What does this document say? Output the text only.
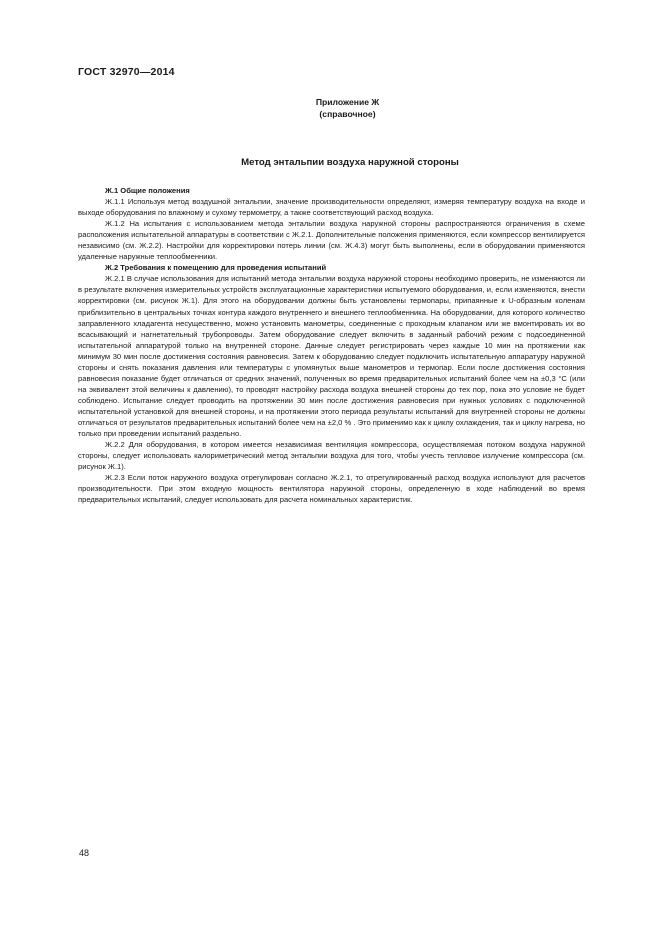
ГОСТ 32970—2014
Приложение Ж
(справочное)
Метод энтальпии воздуха наружной стороны

Ж.1 Общие положения

Ж.1.1 Используя метод воздушной энтальпии, значение производительности определяют, измеряя температуру воздуха на входе и выходе оборудования по влажному и сухому термометру, а также соответствующий расход воздуха.

Ж.1.2 На испытания с использованием метода энтальпии воздуха наружной стороны распространяются ограничения в схеме расположения испытательной аппаратуры в соответствии с Ж.2.1. Дополнительные положения применяются, если компрессор вентилируется независимо (см. Ж.2.2). Настройки для корректировки потерь линии (см. Ж.4.3) могут быть выполнены, если в оборудовании применяются удаленные наружные теплообменники.

Ж.2 Требования к помещению для проведения испытаний

Ж.2.1 В случае использования для испытаний метода энтальпии воздуха наружной стороны необходимо проверить, не изменяются ли в результате включения измерительных устройств эксплуатационные характеристики испытуемого оборудования, и, если изменяются, внести корректировки (см. рисунок Ж.1). Для этого на оборудовании должны быть установлены термопары, припаянные к U-образным коленам приблизительно в центральных точках контура каждого внутреннего и внешнего теплообменника. На оборудовании, для которого количество заправленного хладагента несущественно, можно установить манометры, соединенные с проходным клапаном или же вмонтировать их во всасывающий и нагнетательный трубопроводы. Затем оборудование следует включить в заданный рабочий режим с подсоединенной испытательной аппаратурой только на внутренней стороне. Данные следует регистрировать через каждые 10 мин на протяжении как минимум 30 мин после достижения состояния равновесия. Затем к оборудованию следует подключить испытательную аппаратуру наружной стороны и снять показания давления или температуры с упомянутых выше манометров и термопар. Если после достижения состояния равновесия показание будет отличаться от средних значений, полученных во время предварительных испытаний более чем на ±0,3 °С (или на эквивалент этой величины к давлению), то проводят настройку расхода воздуха внешней стороны до тех пор, пока это условие не будет соблюдено. Испытание следует проводить на протяжении 30 мин после достижения равновесия при нужных условиях с подключенной испытательной установкой для внешней стороны, и на протяжении этого периода результаты испытаний для внутренней стороны не должны отличаться от результатов предварительных испытаний более чем на ±2,0 % . Это применимо как к циклу охлаждения, так и циклу нагрева, но только при проведении испытаний раздельно.

Ж.2.2 Для оборудования, в котором имеется независимая вентиляция компрессора, осуществляемая потоком воздуха наружной стороны, следует использовать калориметрический метод энтальпии воздуха для того, чтобы учесть тепловое излучение компрессора (см. рисунок Ж.1).

Ж.2.3 Если поток наружного воздуха отрегулирован согласно Ж.2.1, то отрегулированный расход воздуха используют для расчетов производительности. При этом входную мощность вентилятора наружной стороны, определенную в ходе наблюдений во время предварительных испытаний, следует использовать для расчета номинальных характеристик.

48
